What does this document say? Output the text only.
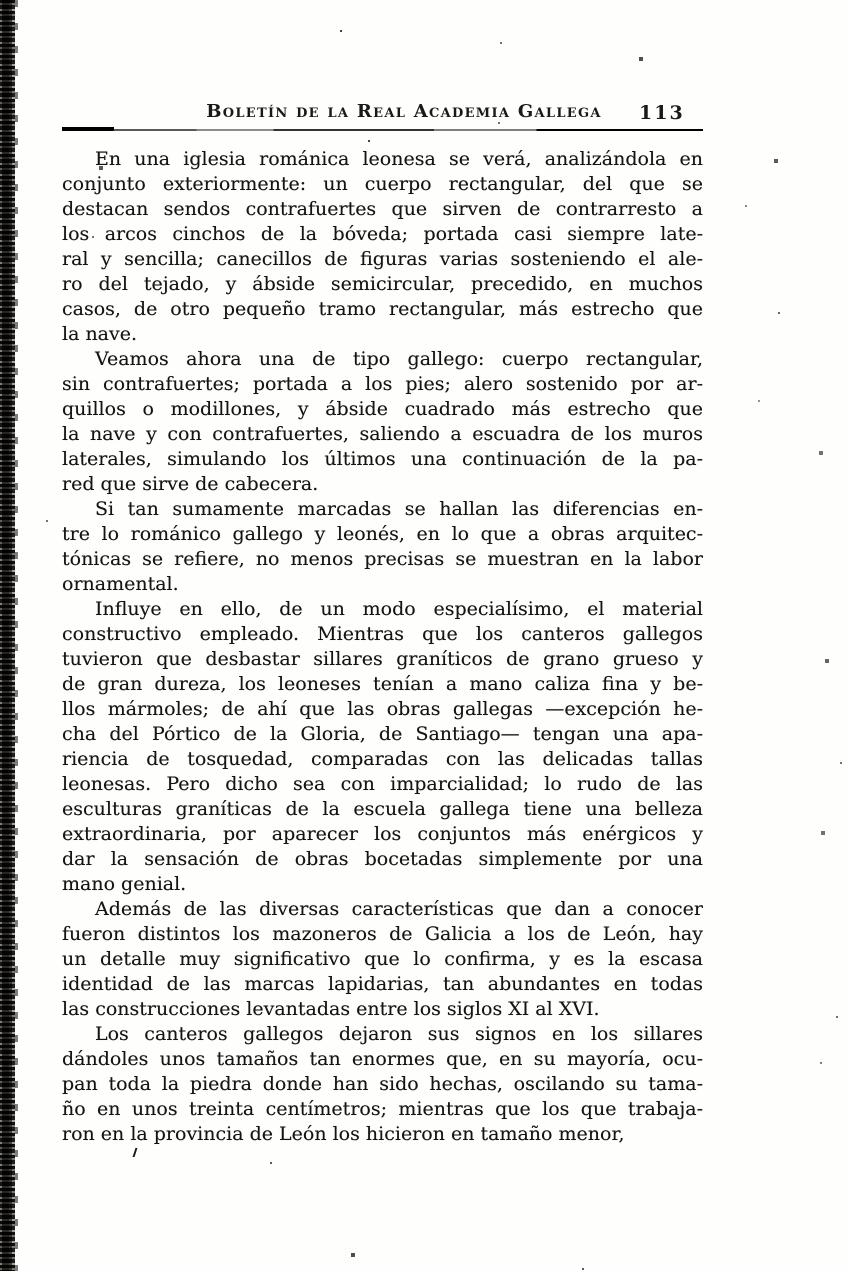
Boletín de la Real Academia Gallega	113
En una iglesia románica leonesa se verá, analizándola en
conjunto exteriormente: un cuerpo rectangular, del que se
destacan sendos contrafuertes que sirven de contrarresto a
los arcos cinchos de la bóveda; portada casi siempre late-
ral y sencilla; canecillos de figuras varias sosteniendo el ale-
ro del tejado, y ábside semicircular, precedido, en muchos
casos, de otro pequeño tramo rectangular, más estrecho que
la nave.
Veamos ahora una de tipo gallego: cuerpo rectangular,
sin contrafuertes; portada a los pies; alero sostenido por ar-
quillos o modillones, y ábside cuadrado más estrecho que
la nave y con contrafuertes, saliendo a escuadra de los muros
laterales, simulando los últimos una continuación de la pa-
red que sirve de cabecera.
Si tan sumamente marcadas se hallan las diferencias en-
tre lo románico gallego y leonés, en lo que a obras arquitec-
tónicas se refiere, no menos precisas se muestran en la labor
ornamental.
Influye en ello, de un modo especialísimo, el material
constructivo empleado. Mientras que los canteros gallegos
tuvieron que desbastar sillares graníticos de grano grueso y
de gran dureza, los leoneses tenían a mano caliza fina y be-
llos mármoles; de ahí que las obras gallegas —excepción he-
cha del Pórtico de la Gloria, de Santiago— tengan una apa-
riencia de tosquedad, comparadas con las delicadas tallas
leonesas. Pero dicho sea con imparcialidad; lo rudo de las
esculturas graníticas de la escuela gallega tiene una belleza
extraordinaria, por aparecer los conjuntos más enérgicos y
dar la sensación de obras bocetadas simplemente por una
mano genial.
Además de las diversas características que dan a conocer
fueron distintos los mazoneros de Galicia a los de León, hay
un detalle muy significativo que lo confirma, y es la escasa
identidad de las marcas lapidarias, tan abundantes en todas
las construcciones levantadas entre los siglos XI al XVI.
Los canteros gallegos dejaron sus signos en los sillares
dándoles unos tamaños tan enormes que, en su mayoría, ocu-
pan toda la piedra donde han sido hechas, oscilando su tama-
ño en unos treinta centímetros; mientras que los que trabaja-
ron en la provincia de León los hicieron en tamaño menor,
